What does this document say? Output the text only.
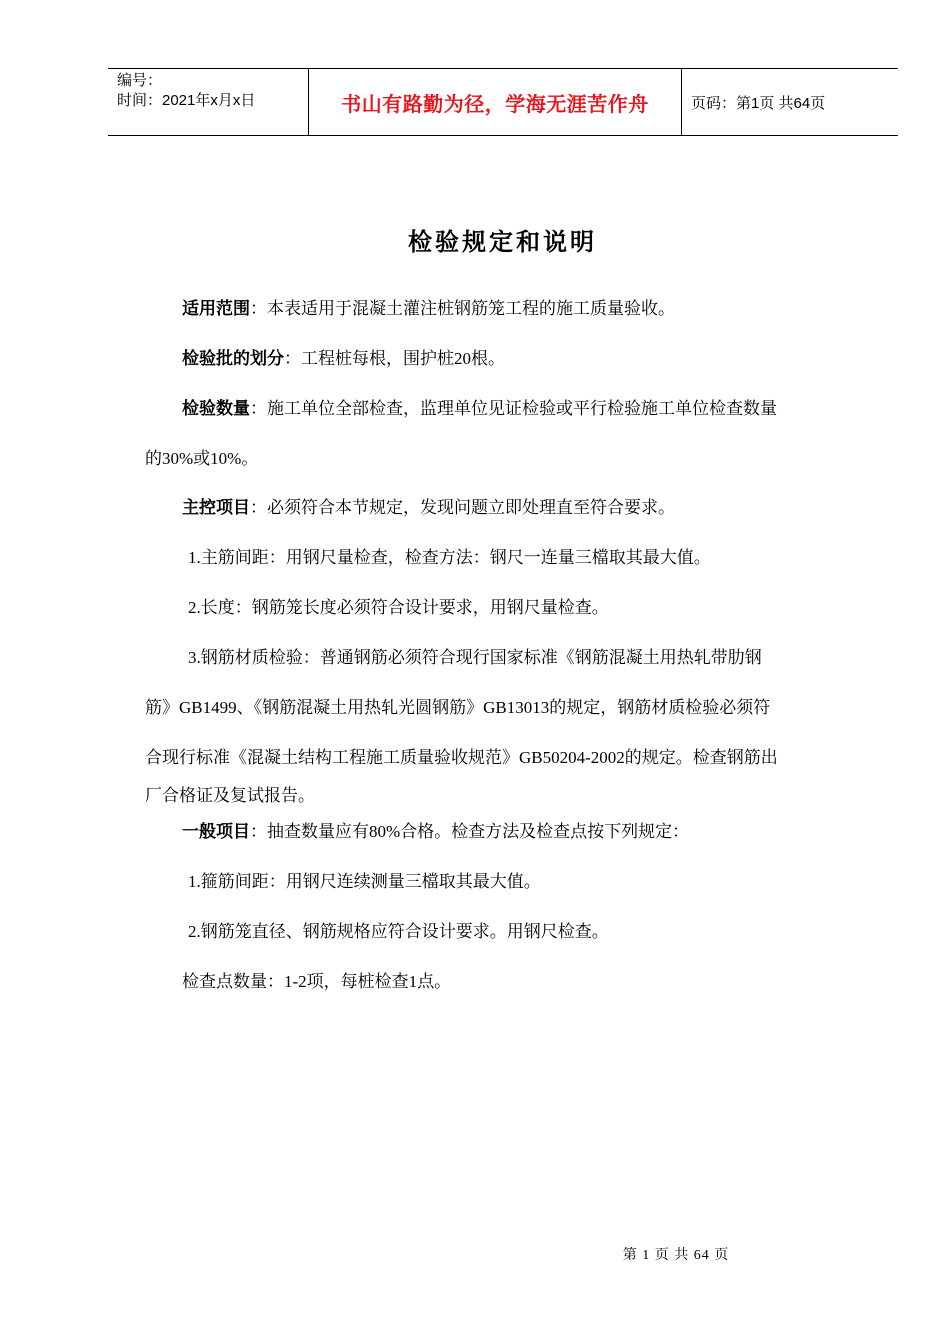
编号：
时间：2021年x月x日	书山有路勤为径，学海无涯苦作舟	页码：第1页 共64页
检验规定和说明
适用范围：本表适用于混凝土灌注桩钢筋笼工程的施工质量验收。
检验批的划分：工程桩每根，围护桩20根。
检验数量：施工单位全部检查，监理单位见证检验或平行检验施工单位检查数量
的30%或10%。
主控项目：必须符合本节规定，发现问题立即处理直至符合要求。
1.主筋间距：用钢尺量检查，检查方法：钢尺一连量三檔取其最大值。
2.长度：钢筋笼长度必须符合设计要求，用钢尺量检查。
3.钢筋材质检验：普通钢筋必须符合现行国家标准《钢筋混凝土用热轧带肋钢
筋》GB1499、《钢筋混凝土用热轧光圆钢筋》GB13013的规定，钢筋材质检验必须符
合现行标准《混凝土结构工程施工质量验收规范》GB50204-2002的规定。检查钢筋出
厂合格证及复试报告。
一般项目：抽查数量应有80%合格。检查方法及检查点按下列规定：
1.箍筋间距：用钢尺连续测量三檔取其最大值。
2.钢筋笼直径、钢筋规格应符合设计要求。用钢尺检查。
检查点数量：1-2项，每桩检查1点。
第 1 页 共 64 页
